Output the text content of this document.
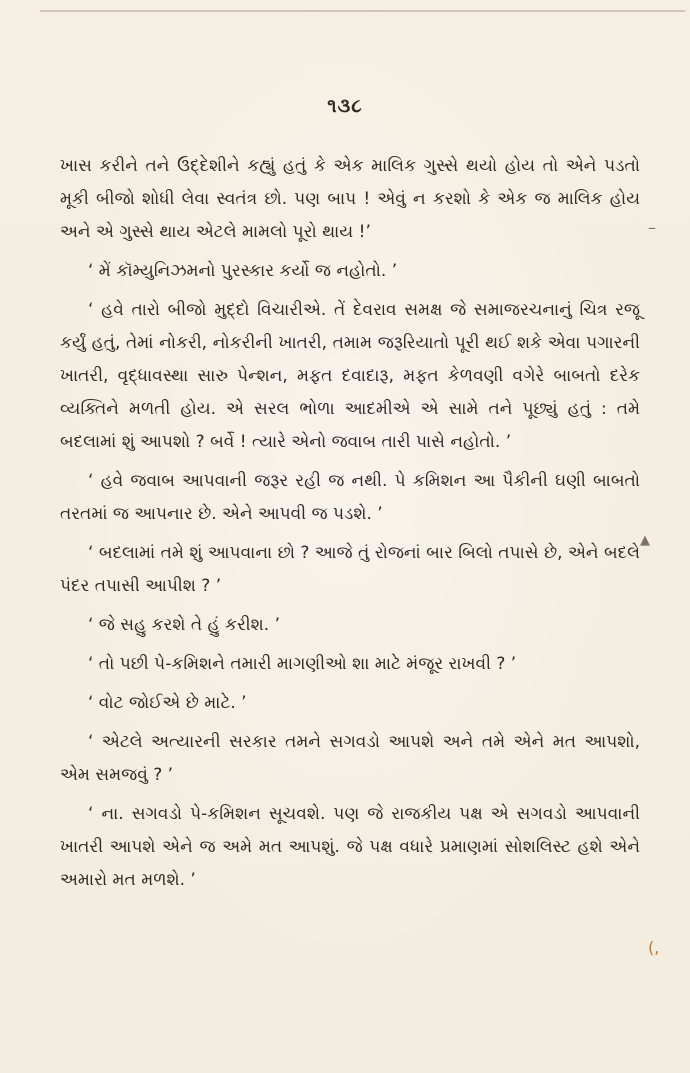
૧૩૮

ખાસ કરીને તને ઉદ્દેશીને કહ્યું હતું કે એક માલિક ગુસ્સે થયો હોય તો એને પડતો મૂકી બીજો શોધી લેવા સ્વતંત્ર છો. પણ બાપ ! એવું ન કરશો કે એક જ માલિક હોય અને એ ગુસ્સે થાય એટલે મામલો પૂરો થાય !’

‘ મેં કૉમ્યુનિઝમનો પુરસ્કાર કર્યો જ નહોતો. ’

‘ હવે તારો બીજો મુદ્દો વિચારીએ. તેં દેવરાવ સમક્ષ જે સમાજરચનાનું ચિત્ર રજૂ કર્યું હતું, તેમાં નોકરી, નોકરીની ખાતરી, તમામ જરૂરિયાતો પૂરી થઈ શકે એવા પગારની ખાતરી, વૃદ્ધાવસ્થા સારુ પેન્શન, મફત દવાદારૂ, મફત કેળવણી વગેરે બાબતો દરેક વ્યક્તિને મળતી હોય. એ સરલ ભોળા આદમીએ એ સામે તને પૂછ્યું હતું : તમે બદલામાં શું આપશો ? બર્વે ! ત્યારે એનો જવાબ તારી પાસે નહોતો. ’

‘ હવે જવાબ આપવાની જરૂર રહી જ નથી. પે કમિશન આ પૈકીની ઘણી બાબતો તરતમાં જ આપનાર છે. એને આપવી જ પડશે. ’

‘ બદલામાં તમે શું આપવાના છો ? આજે તું રોજનાં બાર બિલો તપાસે છે, એને બદલે પંદર તપાસી આપીશ ? ’

‘ જે સહુ કરશે તે હું કરીશ. ’

‘ તો પછી પે-કમિશને તમારી માગણીઓ શા માટે મંજૂર રાખવી ? ’

‘ વોટ જોઈએ છે માટે. ’

‘ એટલે અત્યારની સરકાર તમને સગવડો આપશે અને તમે એને મત આપશો, એમ સમજવું ? ’

‘ ના. સગવડો પે-કમિશન સૂચવશે. પણ જે રાજકીય પક્ષ એ સગવડો આપવાની ખાતરી આપશે એને જ અમે મત આપશું. જે પક્ષ વધારે પ્રમાણમાં સોશલિસ્ટ હશે એને અમારો મત મળશે. ’

–
▲
(,
